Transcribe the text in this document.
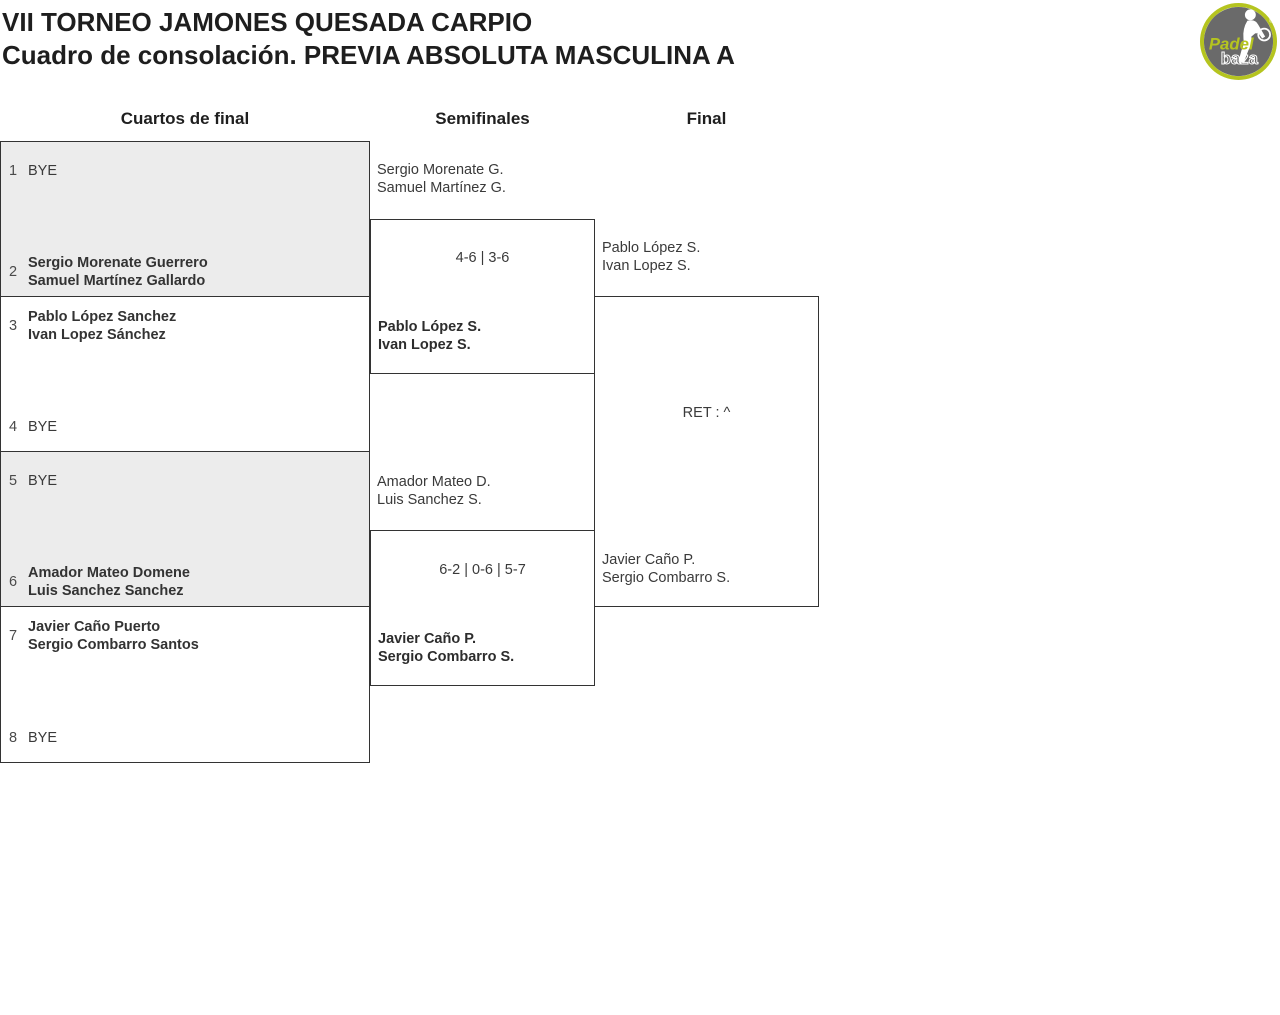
VII TORNEO JAMONES QUESADA CARPIO
Cuadro de consolación. PREVIA ABSOLUTA MASCULINA A
®
Padel
baza
Cuartos de final	Semifinales	Final
1 BYE
2
Sergio Morenate Guerrero
Samuel Martínez Gallardo
3
Pablo López Sanchez
Ivan Lopez Sánchez
4 BYE
5 BYE
6
Amador Mateo Domene
Luis Sanchez Sanchez
7
Javier Caño Puerto
Sergio Combarro Santos
8 BYE
Sergio Morenate G.
Samuel Martínez G.
4-6 | 3-6
Pablo López S.
Ivan Lopez S.
Amador Mateo D.
Luis Sanchez S.
6-2 | 0-6 | 5-7
Javier Caño P.
Sergio Combarro S.
Pablo López S.
Ivan Lopez S.
RET : ^
Javier Caño P.
Sergio Combarro S.
